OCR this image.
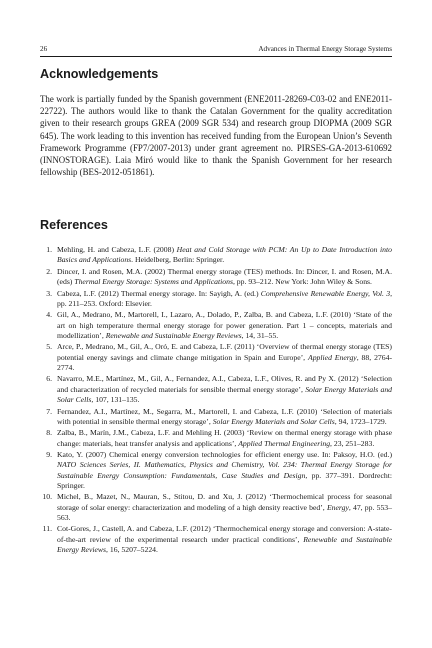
26	Advances in Thermal Energy Storage Systems
Acknowledgements

The work is partially funded by the Spanish government (ENE2011-28269-C03-02 and ENE2011-22722). The authors would like to thank the Catalan Government for the quality accreditation given to their research groups GREA (2009 SGR 534) and research group DIOPMA (2009 SGR 645). The work leading to this invention has received funding from the European Union’s Seventh Framework Programme (FP7/2007-2013) under grant agreement no. PIRSES-GA-2013-610692 (INNOSTORAGE). Laia Miró would like to thank the Spanish Government for her research fellowship (BES-2012-051861).

References
1. Mehling, H. and Cabeza, L.F. (2008) Heat and Cold Storage with PCM: An Up to Date Introduction into Basics and Applications. Heidelberg, Berlin: Springer.
2. Dincer, I. and Rosen, M.A. (2002) Thermal energy storage (TES) methods. In: Dincer, I. and Rosen, M.A. (eds) Thermal Energy Storage: Systems and Applications, pp. 93–212. New York: John Wiley & Sons.
3. Cabeza, L.F. (2012) Thermal energy storage. In: Sayigh, A. (ed.) Comprehensive Renewable Energy, Vol. 3, pp. 211–253. Oxford: Elsevier.
4. Gil, A., Medrano, M., Martorell, I., Lazaro, A., Dolado, P., Zalba, B. and Cabeza, L.F. (2010) ‘State of the art on high temperature thermal energy storage for power generation. Part 1 – concepts, materials and modellization’, Renewable and Sustainable Energy Reviews, 14, 31–55.
5. Arce, P., Medrano, M., Gil, A., Oró, E. and Cabeza, L.F. (2011) ‘Overview of thermal energy storage (TES) potential energy savings and climate change mitigation in Spain and Europe’, Applied Energy, 88, 2764-2774.
6. Navarro, M.E., Martínez, M., Gil, A., Fernandez, A.I., Cabeza, L.F., Olives, R. and Py X. (2012) ‘Selection and characterization of recycled materials for sensible thermal energy storage’, Solar Energy Materials and Solar Cells, 107, 131–135.
7. Fernandez, A.I., Martínez, M., Segarra, M., Martorell, I. and Cabeza, L.F. (2010) ‘Selection of materials with potential in sensible thermal energy storage’, Solar Energy Materials and Solar Cells, 94, 1723–1729.
8. Zalba, B., Marín, J.M., Cabeza, L.F. and Mehling H. (2003) ‘Review on thermal energy storage with phase change: materials, heat transfer analysis and applications’, Applied Thermal Engineering, 23, 251–283.
9. Kato, Y. (2007) Chemical energy conversion technologies for efficient energy use. In: Paksoy, H.O. (ed.) NATO Sciences Series, II. Mathematics, Physics and Chemistry, Vol. 234: Thermal Energy Storage for Sustainable Energy Consumption: Fundamentals, Case Studies and Design, pp. 377–391. Dordrecht: Springer.
10. Michel, B., Mazet, N., Mauran, S., Stitou, D. and Xu, J. (2012) ‘Thermochemical process for seasonal storage of solar energy: characterization and modeling of a high density reactive bed’, Energy, 47, pp. 553–563.
11. Cot-Gores, J., Castell, A. and Cabeza, L.F. (2012) ‘Thermochemical energy storage and conversion: A-state-of-the-art review of the experimental research under practical conditions’, Renewable and Sustainable Energy Reviews, 16, 5207–5224.
